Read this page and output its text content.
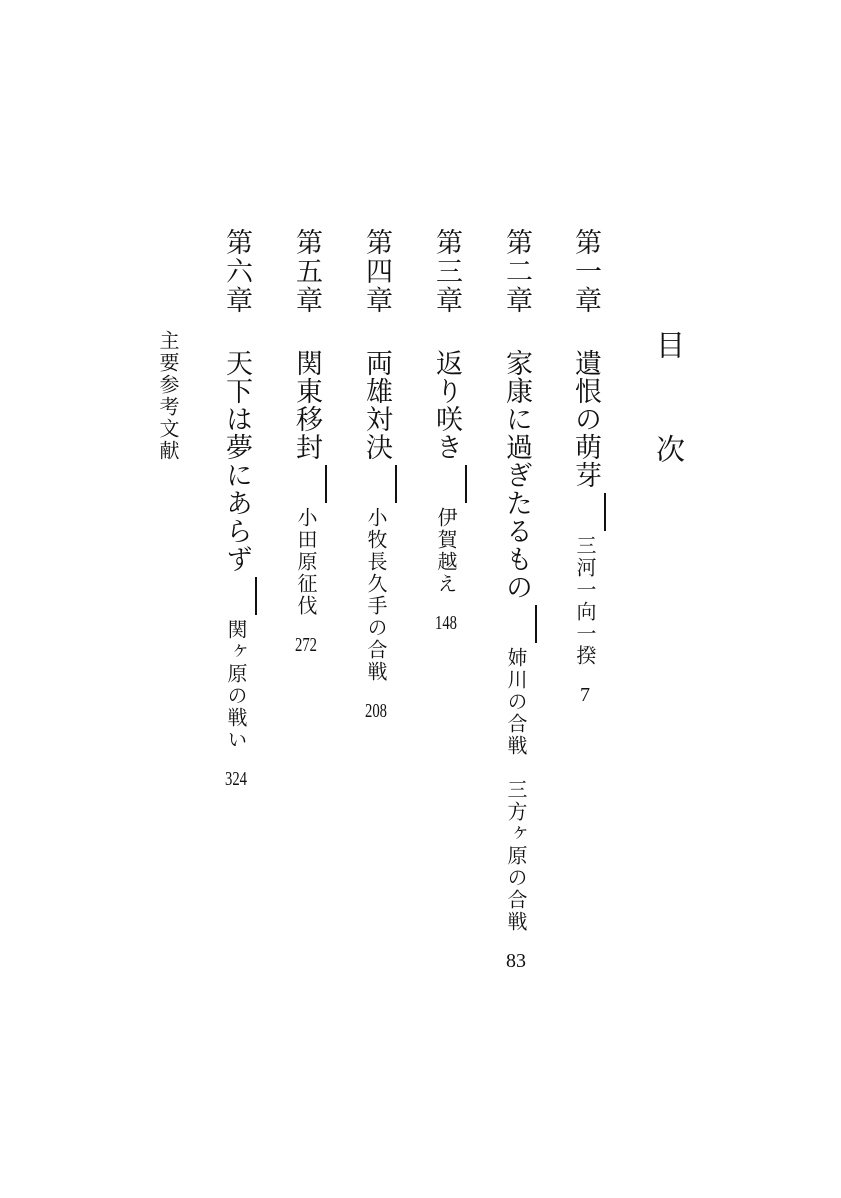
目　次
第一章遺恨の萌芽三河一向一揆7
第二章家康に過ぎたるもの姉川の合戦　三方ヶ原の合戦83
第三章返り咲き伊賀越え148
第四章両雄対決小牧長久手の合戦208
第五章関東移封小田原征伐272
第六章天下は夢にあらず関ヶ原の戦い324
主要参考文献
